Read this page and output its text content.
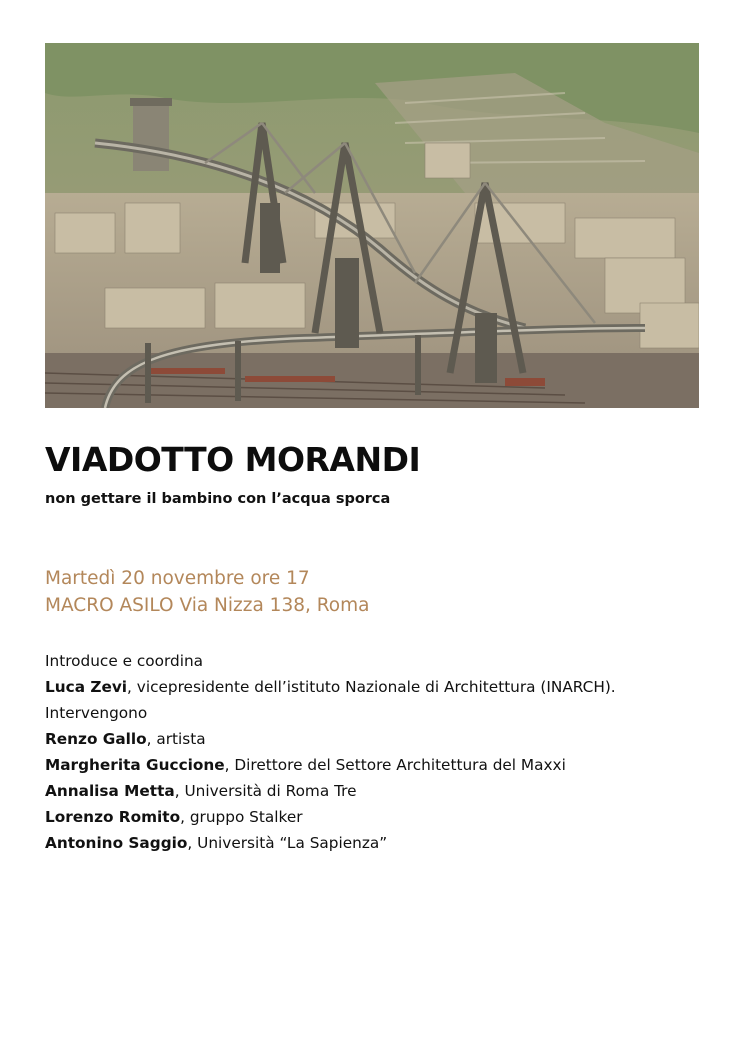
VIADOTTO MORANDI

non gettare il bambino con l’acqua sporca

Martedì 20 novembre ore 17
MACRO ASILO Via Nizza 138, Roma
Introduce e coordina
Luca Zevi, vicepresidente dell’istituto Nazionale di Architettura (INARCH).
Intervengono
Renzo Gallo, artista
Margherita Guccione, Direttore del Settore Architettura del Maxxi
Annalisa Metta, Università di Roma Tre
Lorenzo Romito, gruppo Stalker
Antonino Saggio, Università “La Sapienza”
